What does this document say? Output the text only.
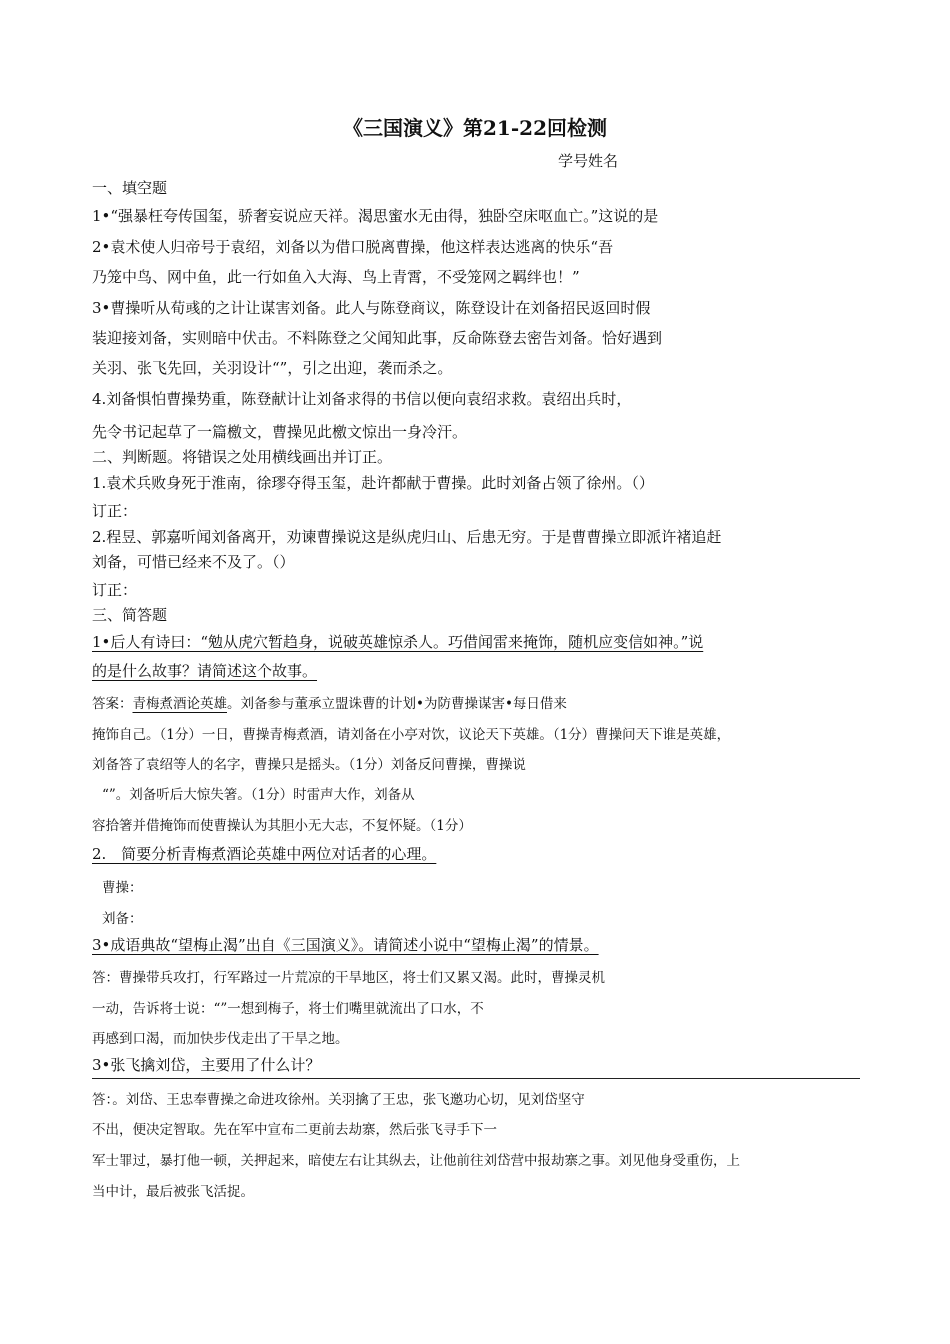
《三国演义》第21-22回检测
学号姓名
一、填空题
1•“强暴枉夸传国玺，骄奢妄说应天祥。渴思蜜水无由得，独卧空床呕血亡。”这说的是
2•袁术使人归帝号于袁绍，刘备以为借口脱离曹操，他这样表达逃离的快乐“吾
乃笼中鸟、网中鱼，此一行如鱼入大海、鸟上青霄，不受笼网之羁绊也！”
3•曹操听从荀彧的之计让谋害刘备。此人与陈登商议，陈登设计在刘备招民返回时假
装迎接刘备，实则暗中伏击。不料陈登之父闻知此事，反命陈登去密告刘备。恰好遇到
关羽、张飞先回，关羽设计“”，引之出迎，袭而杀之。
4.刘备惧怕曹操势重，陈登献计让刘备求得的书信以便向袁绍求救。袁绍出兵时，
先令书记起草了一篇檄文，曹操见此檄文惊出一身冷汗。
二、判断题。将错误之处用横线画出并订正。
1.袁术兵败身死于淮南，徐璆夺得玉玺，赴许都献于曹操。此时刘备占领了徐州。（）
订正：
2.程昱、郭嘉听闻刘备离开，劝谏曹操说这是纵虎归山、后患无穷。于是曹曹操立即派许褚追赶
刘备，可惜已经来不及了。（）
订正：
三、简答题
1•后人有诗曰：“勉从虎穴暂趋身，说破英雄惊杀人。巧借闻雷来掩饰，随机应变信如神。”说
的是什么故事？请简述这个故事。
答案：青梅煮酒论英雄。刘备参与董承立盟诛曹的计划•为防曹操谋害•每日借来
掩饰自己。（1分）一日，曹操青梅煮酒，请刘备在小亭对饮，议论天下英雄。（1分）曹操问天下谁是英雄，
刘备答了袁绍等人的名字，曹操只是摇头。（1分）刘备反问曹操，曹操说
“”。刘备听后大惊失箸。（1分）时雷声大作，刘备从
容拾箸并借掩饰而使曹操认为其胆小无大志，不复怀疑。（1分）
2.　简要分析青梅煮酒论英雄中两位对话者的心理。
曹操：
刘备：
3•成语典故“望梅止渴”出自《三国演义》。请简述小说中“望梅止渴”的情景。
答：曹操带兵攻打，行军路过一片荒凉的干旱地区，将士们又累又渴。此时，曹操灵机
一动，告诉将士说：“”一想到梅子，将士们嘴里就流出了口水，不
再感到口渴，而加快步伐走出了干旱之地。
3•张飞擒刘岱，主要用了什么计？
答：。刘岱、王忠奉曹操之命进攻徐州。关羽擒了王忠，张飞邀功心切，见刘岱坚守
不出，便决定智取。先在军中宣布二更前去劫寨，然后张飞寻手下一
军士罪过，暴打他一顿，关押起来，暗使左右让其纵去，让他前往刘岱营中报劫寨之事。刘见他身受重伤，上
当中计，最后被张飞活捉。
